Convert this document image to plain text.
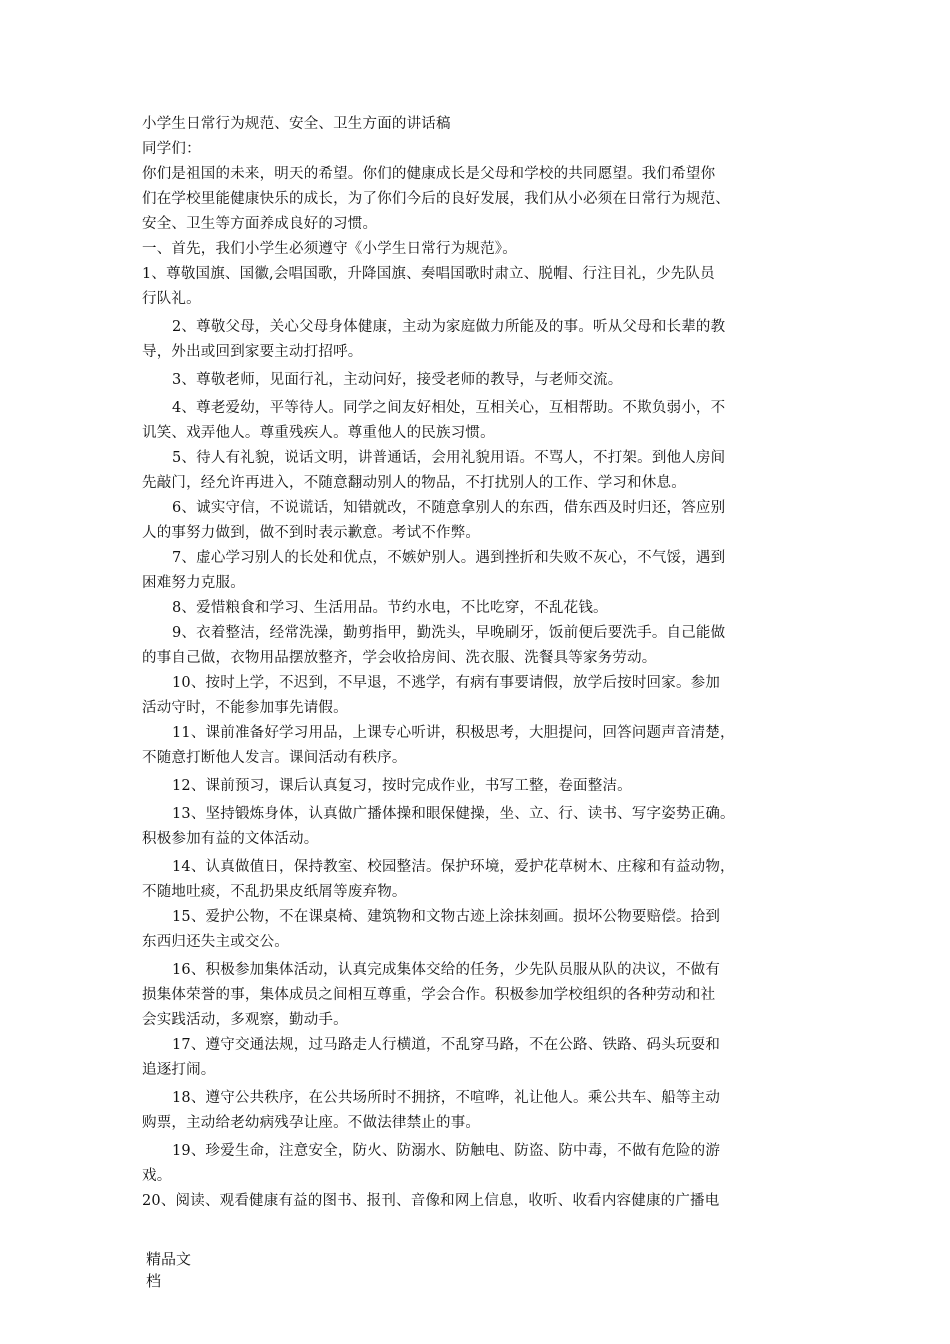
小学生日常行为规范、安全、卫生方面的讲话稿
同学们：
你们是祖国的未来，明天的希望。你们的健康成长是父母和学校的共同愿望。我们希望你
们在学校里能健康快乐的成长，为了你们今后的良好发展，我们从小必须在日常行为规范、
安全、卫生等方面养成良好的习惯。
一、首先，我们小学生必须遵守《小学生日常行为规范》。
1、尊敬国旗、国徽,会唱国歌，升降国旗、奏唱国歌时肃立、脱帽、行注目礼，少先队员
行队礼。
2、尊敬父母，关心父母身体健康，主动为家庭做力所能及的事。听从父母和长辈的教
导，外出或回到家要主动打招呼。
3、尊敬老师，见面行礼，主动问好，接受老师的教导，与老师交流。
4、尊老爱幼，平等待人。同学之间友好相处，互相关心，互相帮助。不欺负弱小，不
讥笑、戏弄他人。尊重残疾人。尊重他人的民族习惯。
5、待人有礼貌，说话文明，讲普通话，会用礼貌用语。不骂人，不打架。到他人房间
先敲门，经允许再进入，不随意翻动别人的物品，不打扰别人的工作、学习和休息。
6、诚实守信，不说谎话，知错就改，不随意拿别人的东西，借东西及时归还，答应别
人的事努力做到，做不到时表示歉意。考试不作弊。
7、虚心学习别人的长处和优点，不嫉妒别人。遇到挫折和失败不灰心，不气馁，遇到
困难努力克服。
8、爱惜粮食和学习、生活用品。节约水电，不比吃穿，不乱花钱。
9、衣着整洁，经常洗澡，勤剪指甲，勤洗头，早晚刷牙，饭前便后要洗手。自己能做
的事自己做，衣物用品摆放整齐，学会收拾房间、洗衣服、洗餐具等家务劳动。
10、按时上学，不迟到，不早退，不逃学，有病有事要请假，放学后按时回家。参加
活动守时，不能参加事先请假。
11、课前准备好学习用品，上课专心听讲，积极思考，大胆提问，回答问题声音清楚，
不随意打断他人发言。课间活动有秩序。
12、课前预习，课后认真复习，按时完成作业，书写工整，卷面整洁。
13、坚持锻炼身体，认真做广播体操和眼保健操，坐、立、行、读书、写字姿势正确。
积极参加有益的文体活动。
14、认真做值日，保持教室、校园整洁。保护环境，爱护花草树木、庄稼和有益动物，
不随地吐痰，不乱扔果皮纸屑等废弃物。
15、爱护公物，不在课桌椅、建筑物和文物古迹上涂抹刻画。损坏公物要赔偿。拾到
东西归还失主或交公。
16、积极参加集体活动，认真完成集体交给的任务，少先队员服从队的决议，不做有
损集体荣誉的事，集体成员之间相互尊重，学会合作。积极参加学校组织的各种劳动和社
会实践活动，多观察，勤动手。
17、遵守交通法规，过马路走人行横道，不乱穿马路，不在公路、铁路、码头玩耍和
追逐打闹。
18、遵守公共秩序，在公共场所时不拥挤，不喧哗，礼让他人。乘公共车、船等主动
购票，主动给老幼病残孕让座。不做法律禁止的事。
19、珍爱生命，注意安全，防火、防溺水、防触电、防盗、防中毒，不做有危险的游
戏。
20、阅读、观看健康有益的图书、报刊、音像和网上信息，收听、收看内容健康的广播电
精品文
档
